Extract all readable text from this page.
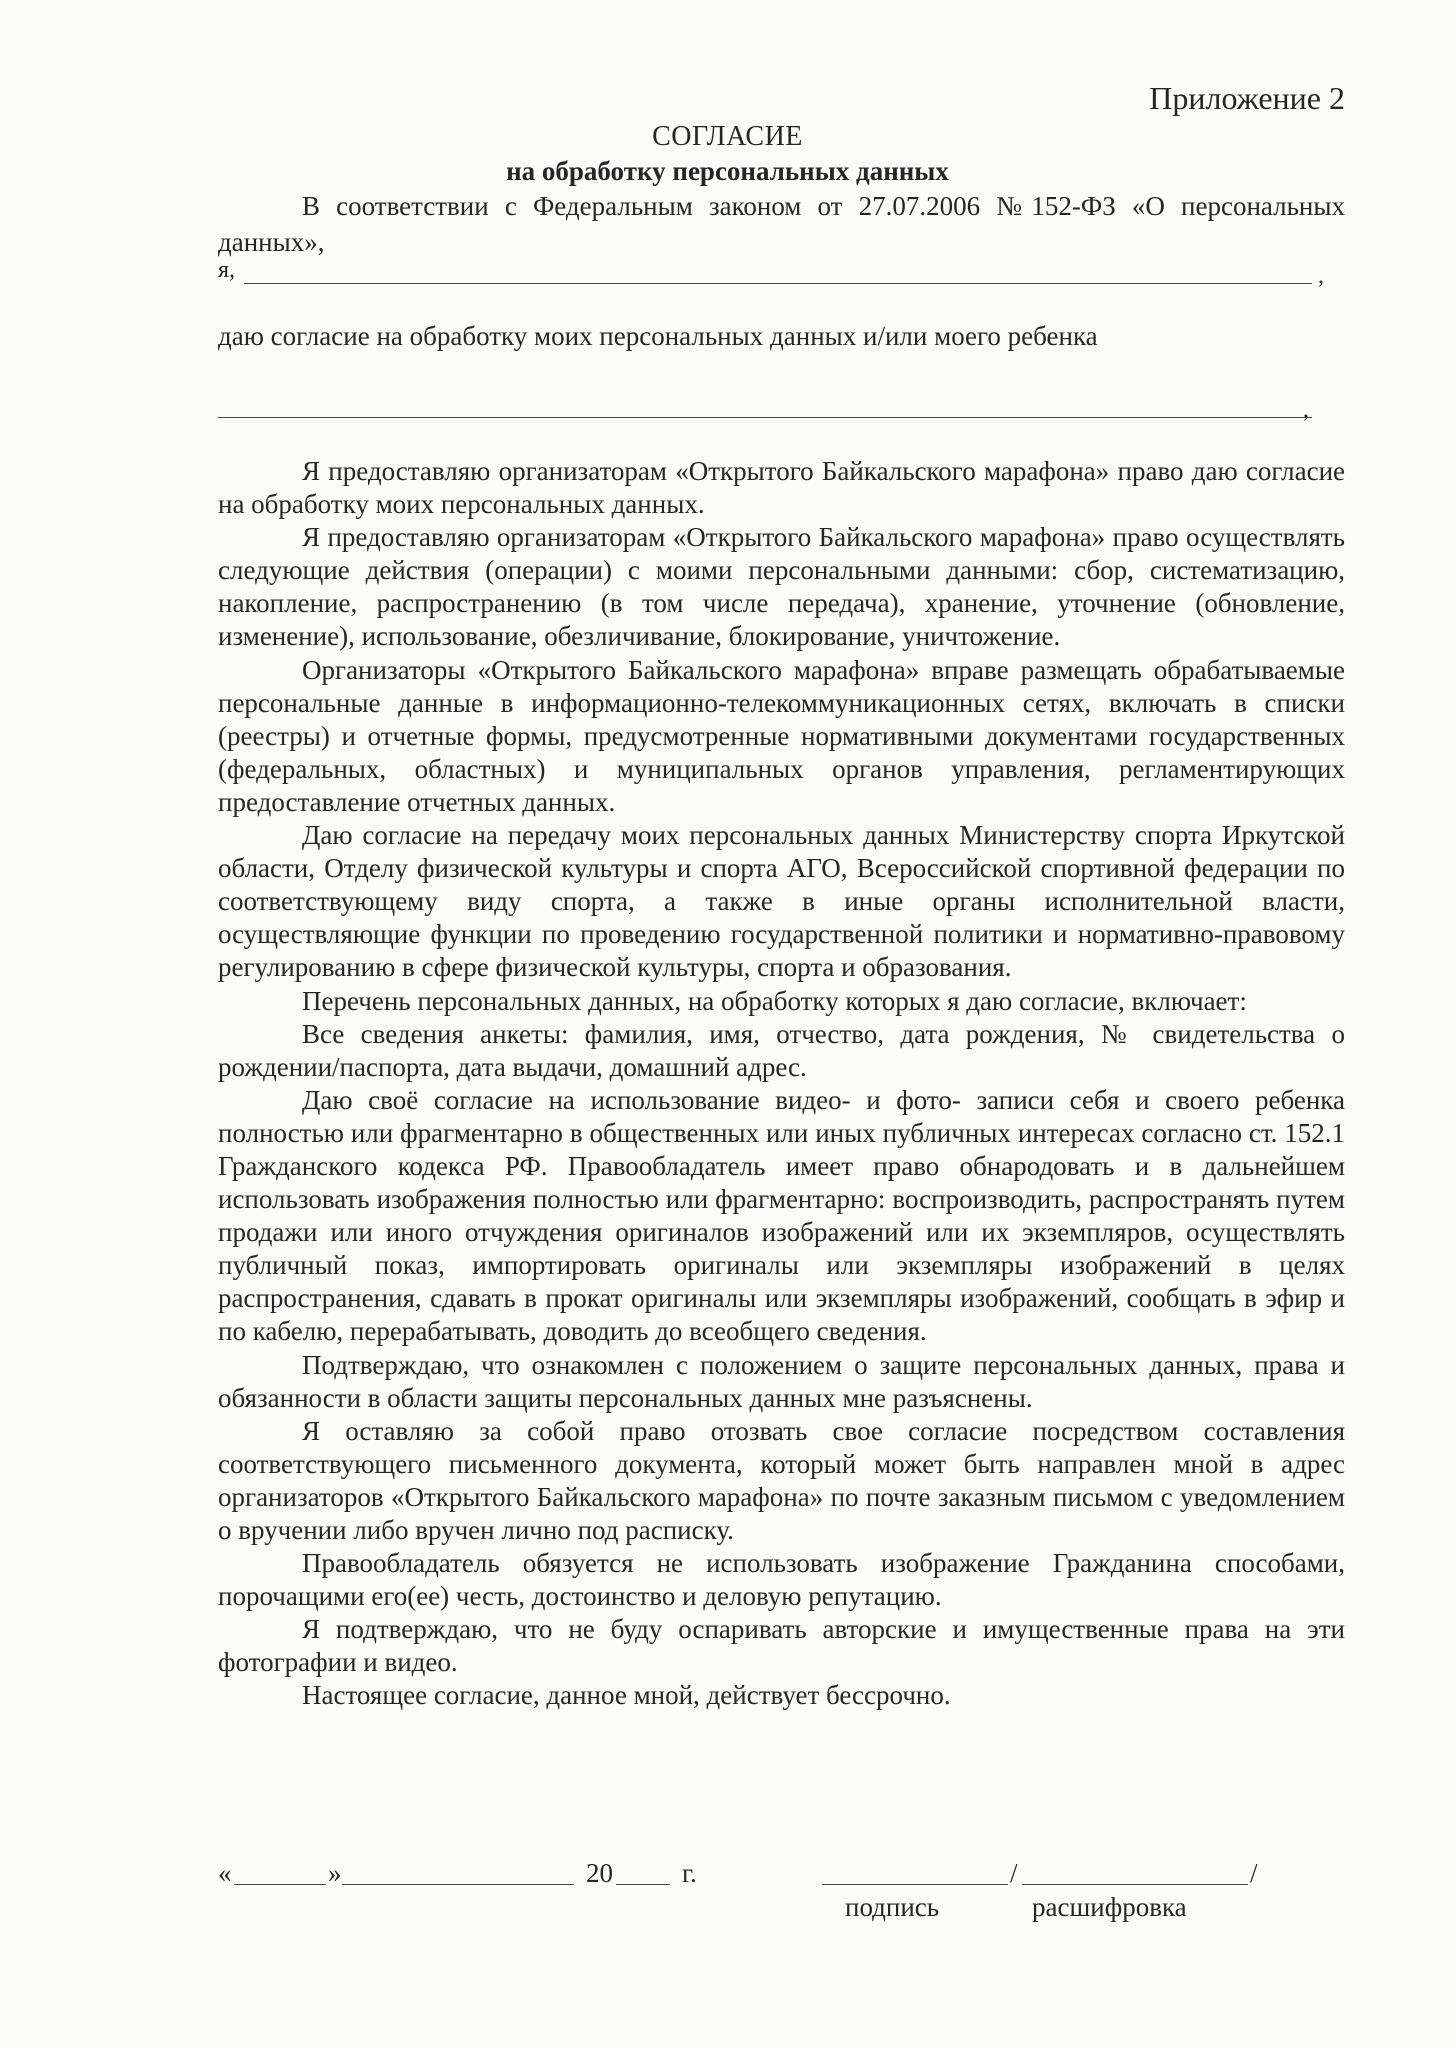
Приложение 2

СОГЛАСИЕ

на обработку персональных данных

В соответствии с Федеральным законом от 27.07.2006 №152-ФЗ «О персональных данных»,

я,	,

даю согласие на обработку моих персональных данных и/или моего ребенка

,

Я предоставляю организаторам «Открытого Байкальского марафона» право даю согласие на обработку моих персональных данных.

Я предоставляю организаторам «Открытого Байкальского марафона» право осуществлять следующие действия (операции) с моими персональными данными: сбор, систематизацию, накопление, распространению (в том числе передача), хранение, уточнение (обновление, изменение), использование, обезличивание, блокирование, уничтожение.

Организаторы «Открытого Байкальского марафона» вправе размещать обрабатываемые персональные данные в информационно-телекоммуникационных сетях, включать в списки (реестры) и отчетные формы, предусмотренные нормативными документами государственных (федеральных, областных) и муниципальных органов управления, регламентирующих предоставление отчетных данных.

Даю согласие на передачу моих персональных данных Министерству спорта Иркутской области, Отделу физической культуры и спорта АГО, Всероссийской спортивной федерации по соответствующему виду спорта, а также в иные органы исполнительной власти, осуществляющие функции по проведению государственной политики и нормативно-правовому регулированию в сфере физической культуры, спорта и образования.

Перечень персональных данных, на обработку которых я даю согласие, включает:

Все сведения анкеты: фамилия, имя, отчество, дата рождения, № свидетельства о рождении/паспорта, дата выдачи, домашний адрес.

Даю своё согласие на использование видео- и фото- записи себя и своего ребенка полностью или фрагментарно в общественных или иных публичных интересах согласно ст. 152.1 Гражданского кодекса РФ. Правообладатель имеет право обнародовать и в дальнейшем использовать изображения полностью или фрагментарно: воспроизводить, распространять путем продажи или иного отчуждения оригиналов изображений или их экземпляров, осуществлять публичный показ, импортировать оригиналы или экземпляры изображений в целях распространения, сдавать в прокат оригиналы или экземпляры изображений, сообщать в эфир и по кабелю, перерабатывать, доводить до всеобщего сведения.

Подтверждаю, что ознакомлен с положением о защите персональных данных, права и обязанности в области защиты персональных данных мне разъяснены.

Я оставляю за собой право отозвать свое согласие посредством составления соответствующего письменного документа, который может быть направлен мной в адрес организаторов «Открытого Байкальского марафона» по почте заказным письмом с уведомлением о вручении либо вручен лично под расписку.

Правообладатель обязуется не использовать изображение Гражданина способами, порочащими его(ее) честь, достоинство и деловую репутацию.

Я подтверждаю, что не буду оспаривать авторские и имущественные права на эти фотографии и видео.

Настоящее согласие, данное мной, действует бессрочно.

«	»	20	г.	/	/
подпись	расшифровка
